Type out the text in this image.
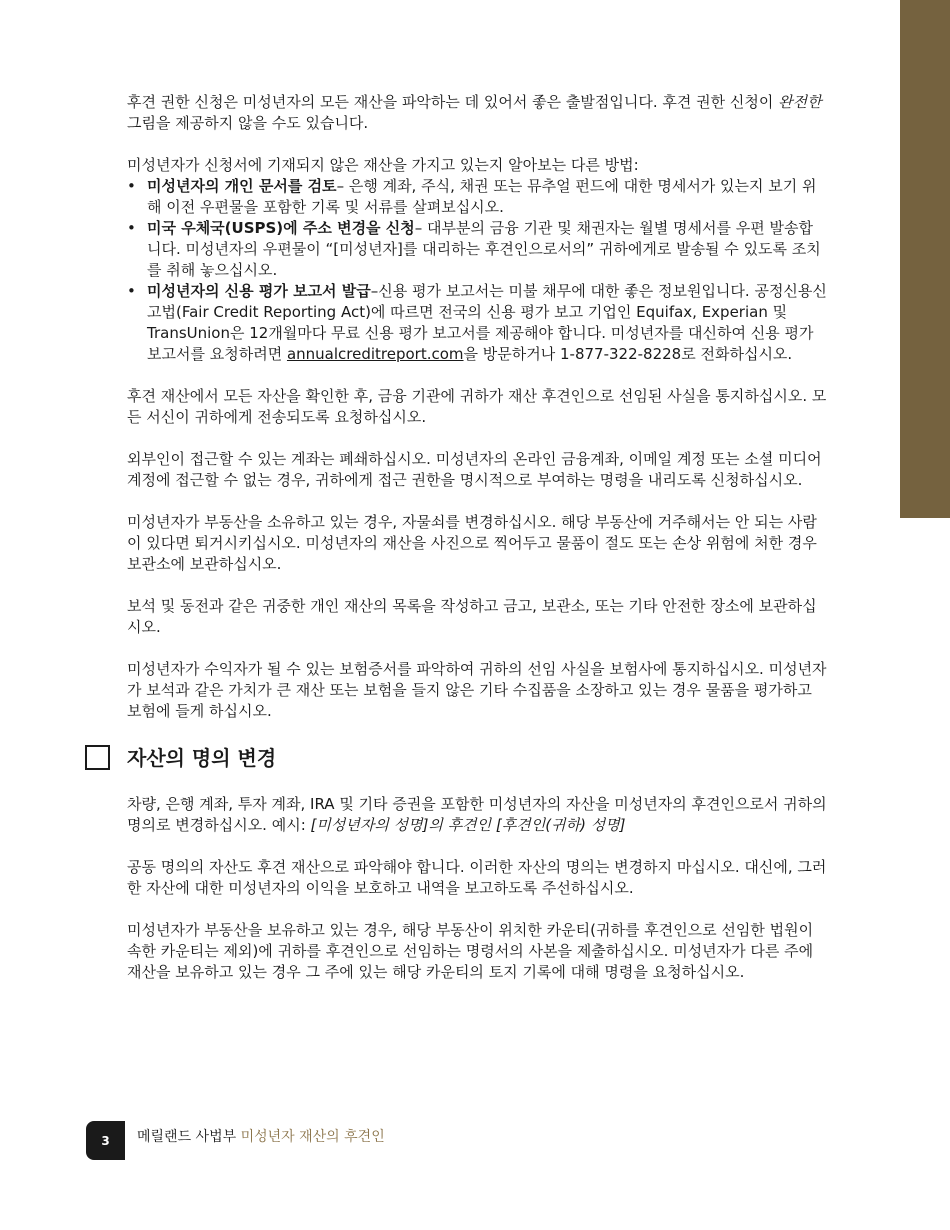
후견 권한 신청은 미성년자의 모든 재산을 파악하는 데 있어서 좋은 출발점입니다. 후견 권한 신청이 완전한 그림을 제공하지 않을 수도 있습니다.

미성년자가 신청서에 기재되지 않은 재산을 가지고 있는지 알아보는 다른 방법:

• 미성년자의 개인 문서를 검토– 은행 계좌, 주식, 채권 또는 뮤추얼 펀드에 대한 명세서가 있는지 보기 위해 이전 우편물을 포함한 기록 및 서류를 살펴보십시오.
• 미국 우체국(USPS)에 주소 변경을 신청– 대부분의 금융 기관 및 채권자는 월별 명세서를 우편 발송합니다. 미성년자의 우편물이 “[미성년자]를 대리하는 후견인으로서의” 귀하에게로 발송될 수 있도록 조치를 취해 놓으십시오.
• 미성년자의 신용 평가 보고서 발급–신용 평가 보고서는 미불 채무에 대한 좋은 정보원입니다. 공정신용신고법(Fair Credit Reporting Act)에 따르면 전국의 신용 평가 보고 기업인 Equifax, Experian 및 TransUnion은 12개월마다 무료 신용 평가 보고서를 제공해야 합니다. 미성년자를 대신하여 신용 평가 보고서를 요청하려면 annualcreditreport.com을 방문하거나 1-877-322-8228로 전화하십시오.

후견 재산에서 모든 자산을 확인한 후, 금융 기관에 귀하가 재산 후견인으로 선임된 사실을 통지하십시오. 모든 서신이 귀하에게 전송되도록 요청하십시오.

외부인이 접근할 수 있는 계좌는 폐쇄하십시오. 미성년자의 온라인 금융계좌, 이메일 계정 또는 소셜 미디어 계정에 접근할 수 없는 경우, 귀하에게 접근 권한을 명시적으로 부여하는 명령을 내리도록 신청하십시오.

미성년자가 부동산을 소유하고 있는 경우, 자물쇠를 변경하십시오. 해당 부동산에 거주해서는 안 되는 사람이 있다면 퇴거시키십시오. 미성년자의 재산을 사진으로 찍어두고 물품이 절도 또는 손상 위험에 처한 경우 보관소에 보관하십시오.

보석 및 동전과 같은 귀중한 개인 재산의 목록을 작성하고 금고, 보관소, 또는 기타 안전한 장소에 보관하십시오.

미성년자가 수익자가 될 수 있는 보험증서를 파악하여 귀하의 선임 사실을 보험사에 통지하십시오. 미성년자가 보석과 같은 가치가 큰 재산 또는 보험을 들지 않은 기타 수집품을 소장하고 있는 경우 물품을 평가하고 보험에 들게 하십시오.

자산의 명의 변경

차량, 은행 계좌, 투자 계좌, IRA 및 기타 증권을 포함한 미성년자의 자산을 미성년자의 후견인으로서 귀하의 명의로 변경하십시오. 예시: [미성년자의 성명]의 후견인 [후견인(귀하) 성명]

공동 명의의 자산도 후견 재산으로 파악해야 합니다. 이러한 자산의 명의는 변경하지 마십시오. 대신에, 그러한 자산에 대한 미성년자의 이익을 보호하고 내역을 보고하도록 주선하십시오.

미성년자가 부동산을 보유하고 있는 경우, 해당 부동산이 위치한 카운티(귀하를 후견인으로 선임한 법원이 속한 카운티는 제외)에 귀하를 후견인으로 선임하는 명령서의 사본을 제출하십시오. 미성년자가 다른 주에 재산을 보유하고 있는 경우 그 주에 있는 해당 카운티의 토지 기록에 대해 명령을 요청하십시오.

3	메릴랜드 사법부 미성년자 재산의 후견인
